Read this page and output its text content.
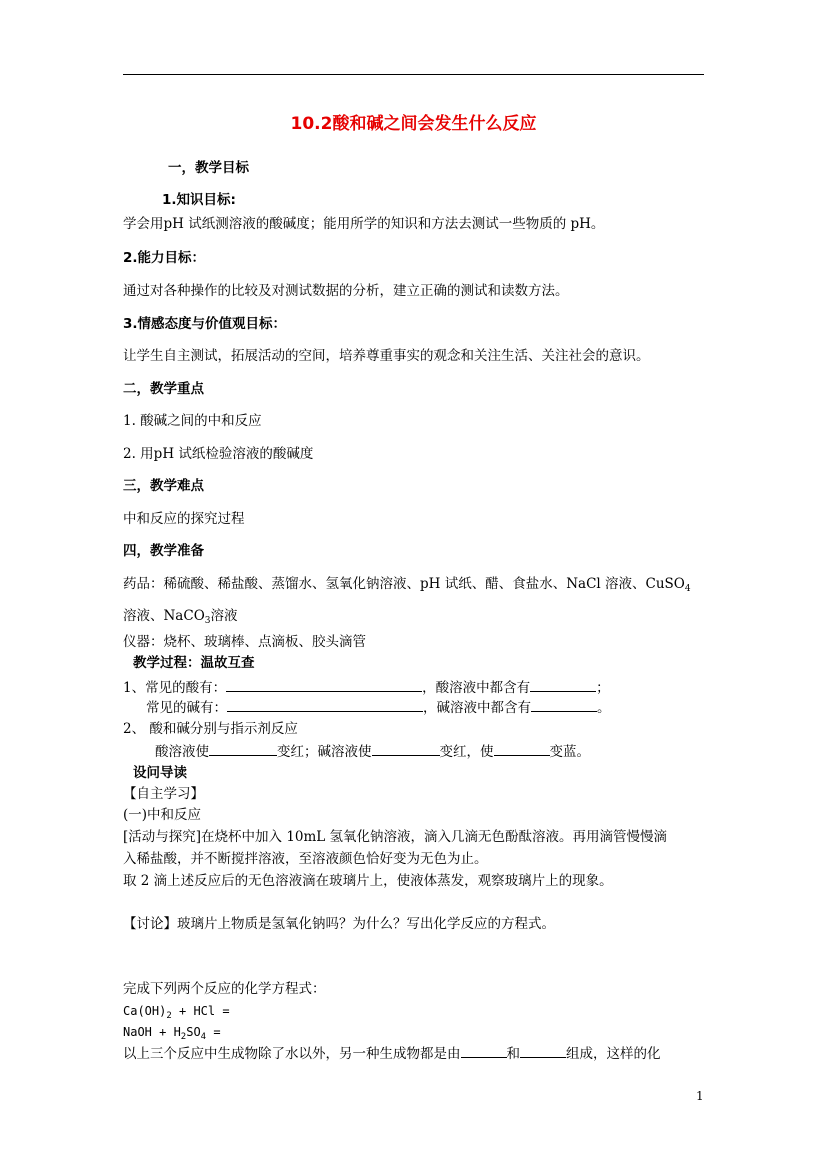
10.2酸和碱之间会发生什么反应
一，教学目标
1.知识目标:
学会用pH 试纸测溶液的酸碱度；能用所学的知识和方法去测试一些物质的 pH。
2.能力目标：
通过对各种操作的比较及对测试数据的分析，建立正确的测试和读数方法。
3.情感态度与价值观目标：
让学生自主测试，拓展活动的空间，培养尊重事实的观念和关注生活、关注社会的意识。
二，教学重点
1. 酸碱之间的中和反应
2. 用pH 试纸检验溶液的酸碱度
三，教学难点
中和反应的探究过程
四，教学准备
药品：稀硫酸、稀盐酸、蒸馏水、氢氧化钠溶液、pH 试纸、醋、食盐水、NaCl 溶液、CuSO$_4$
溶液、NaCO$_3$溶液
仪器：烧杯、玻璃棒、点滴板、胶头滴管
教学过程：温故互查
1、常见的酸有：	，酸溶液中都含有	；
常见的碱有：	，碱溶液中都含有	。
2、 酸和碱分别与指示剂反应
酸溶液使	变红；碱溶液使	变红，使	变蓝。
设问导读
【自主学习】
(一)中和反应
[活动与探究]在烧杯中加入 10mL 氢氧化钠溶液，滴入几滴无色酚酞溶液。再用滴管慢慢滴
入稀盐酸，并不断搅拌溶液，至溶液颜色恰好变为无色为止。
取 2 滴上述反应后的无色溶液滴在玻璃片上，使液体蒸发，观察玻璃片上的现象。
【讨论】玻璃片上物质是氢氧化钠吗？为什么？写出化学反应的方程式。
完成下列两个反应的化学方程式：
$Ca(OH)_2$ + HCl =
NaOH + $H_2SO_4$ =
以上三个反应中生成物除了水以外，另一种生成物都是由	和	组成，这样的化
1
